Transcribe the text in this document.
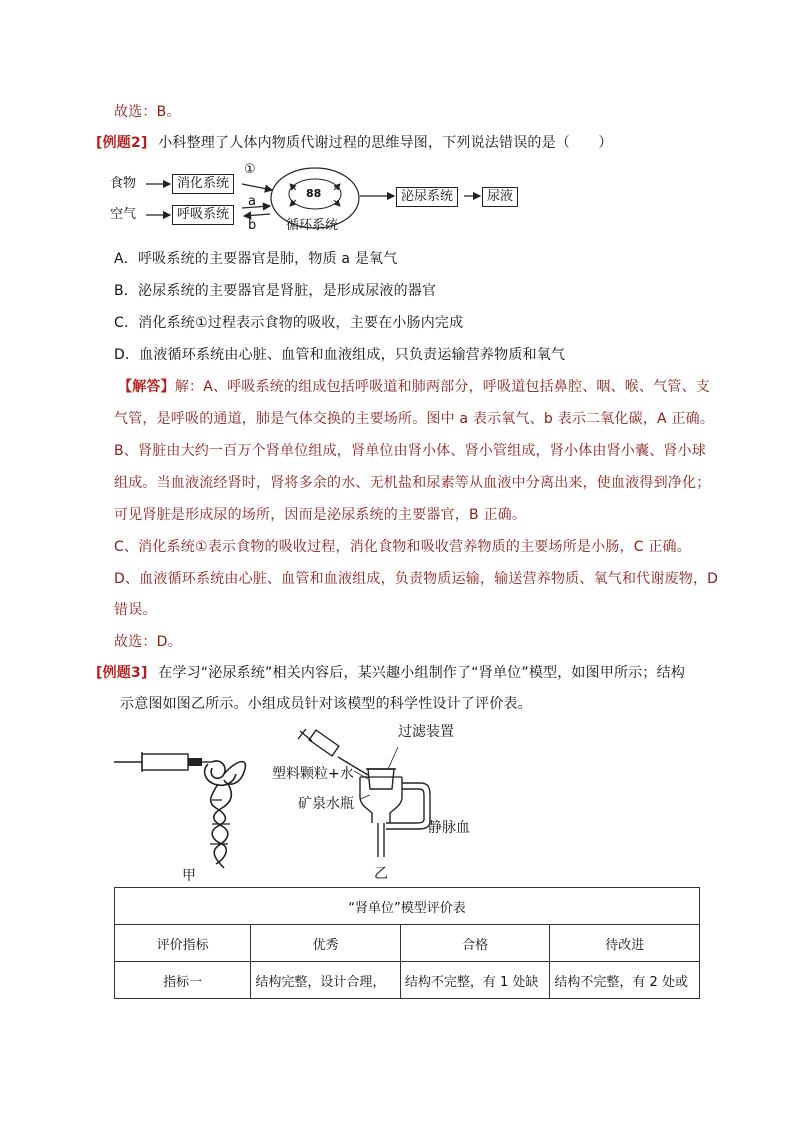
故选：B。
[例题2] 小科整理了人体内物质代谢过程的思维导图，下列说法错误的是（　　）
食物
空气
消化系统
呼吸系统
①
a
b
88
循环系统
泌尿系统	尿液
A．呼吸系统的主要器官是肺，物质 a 是氧气
B．泌尿系统的主要器官是肾脏，是形成尿液的器官
C．消化系统①过程表示食物的吸收，主要在小肠内完成
D．血液循环系统由心脏、血管和血液组成，只负责运输营养物质和氧气
【解答】解：A、呼吸系统的组成包括呼吸道和肺两部分，呼吸道包括鼻腔、咽、喉、气管、支
气管，是呼吸的通道，肺是气体交换的主要场所。图中 a 表示氧气、b 表示二氧化碳，A 正确。
B、肾脏由大约一百万个肾单位组成，肾单位由肾小体、肾小管组成，肾小体由肾小囊、肾小球
组成。当血液流经肾时，肾将多余的水、无机盐和尿素等从血液中分离出来，使血液得到净化；
可见肾脏是形成尿的场所，因而是泌尿系统的主要器官，B 正确。
C、消化系统①表示食物的吸收过程，消化食物和吸收营养物质的主要场所是小肠，C 正确。
D、血液循环系统由心脏、血管和血液组成，负责物质运输，输送营养物质、氧气和代谢废物，D
错误。
故选：D。
[例题3] 在学习“泌尿系统”相关内容后，某兴趣小组制作了“肾单位”模型，如图甲所示；结构
示意图如图乙所示。小组成员针对该模型的科学性设计了评价表。
甲
过滤装置
塑料颗粒+水
矿泉水瓶
静脉血
乙
“肾单位”模型评价表			
评价指标	优秀	合格	待改进
指标一	结构完整，设计合理，	结构不完整，有 1 处缺	结构不完整，有 2 处或
